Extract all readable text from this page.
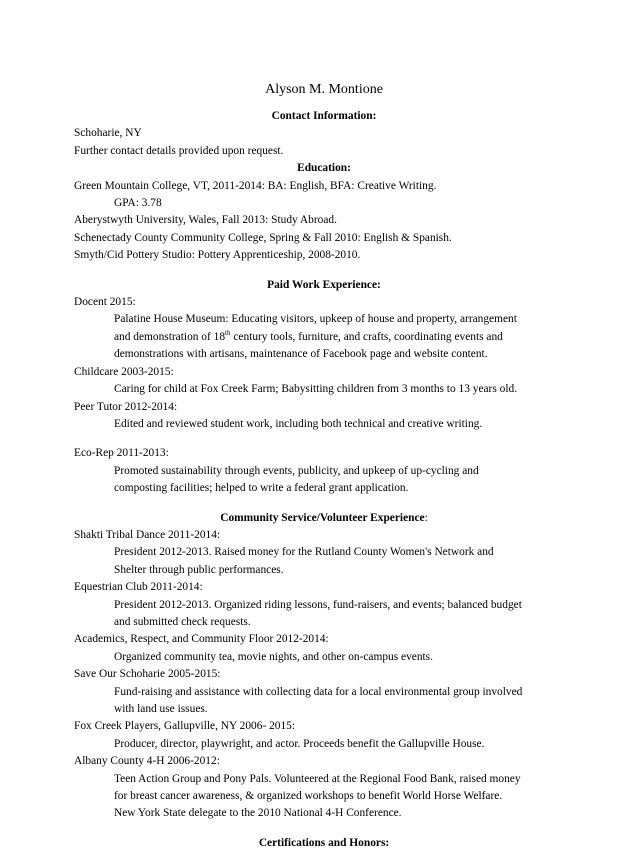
Alyson M. Montione

Contact Information:

Schoharie, NY

Further contact details provided upon request.

Education:

Green Mountain College, VT, 2011-2014: BA: English, BFA: Creative Writing.

GPA: 3.78

Aberystwyth University, Wales, Fall 2013: Study Abroad.

Schenectady County Community College, Spring & Fall 2010: English & Spanish.

Smyth/Cid Pottery Studio: Pottery Apprenticeship, 2008-2010.

Paid Work Experience:

Docent 2015:

Palatine House Museum: Educating visitors, upkeep of house and property, arrangement

and demonstration of 18th century tools, furniture, and crafts, coordinating events and

demonstrations with artisans, maintenance of Facebook page and website content.

Childcare 2003-2015:

Caring for child at Fox Creek Farm; Babysitting children from 3 months to 13 years old.

Peer Tutor 2012-2014:

Edited and reviewed student work, including both technical and creative writing.

Eco-Rep 2011-2013:

Promoted sustainability through events, publicity, and upkeep of up-cycling and

composting facilities; helped to write a federal grant application.

Community Service/Volunteer Experience:

Shakti Tribal Dance 2011-2014:

President 2012-2013. Raised money for the Rutland County Women's Network and

Shelter through public performances.

Equestrian Club 2011-2014:

President 2012-2013. Organized riding lessons, fund-raisers, and events; balanced budget

and submitted check requests.

Academics, Respect, and Community Floor 2012-2014:

Organized community tea, movie nights, and other on-campus events.

Save Our Schoharie 2005-2015:

Fund-raising and assistance with collecting data for a local environmental group involved

with land use issues.

Fox Creek Players, Gallupville, NY 2006- 2015:

Producer, director, playwright, and actor. Proceeds benefit the Gallupville House.

Albany County 4-H 2006-2012:

Teen Action Group and Pony Pals. Volunteered at the Regional Food Bank, raised money

for breast cancer awareness, & organized workshops to benefit World Horse Welfare.

New York State delegate to the 2010 National 4-H Conference.

Certifications and Honors:
